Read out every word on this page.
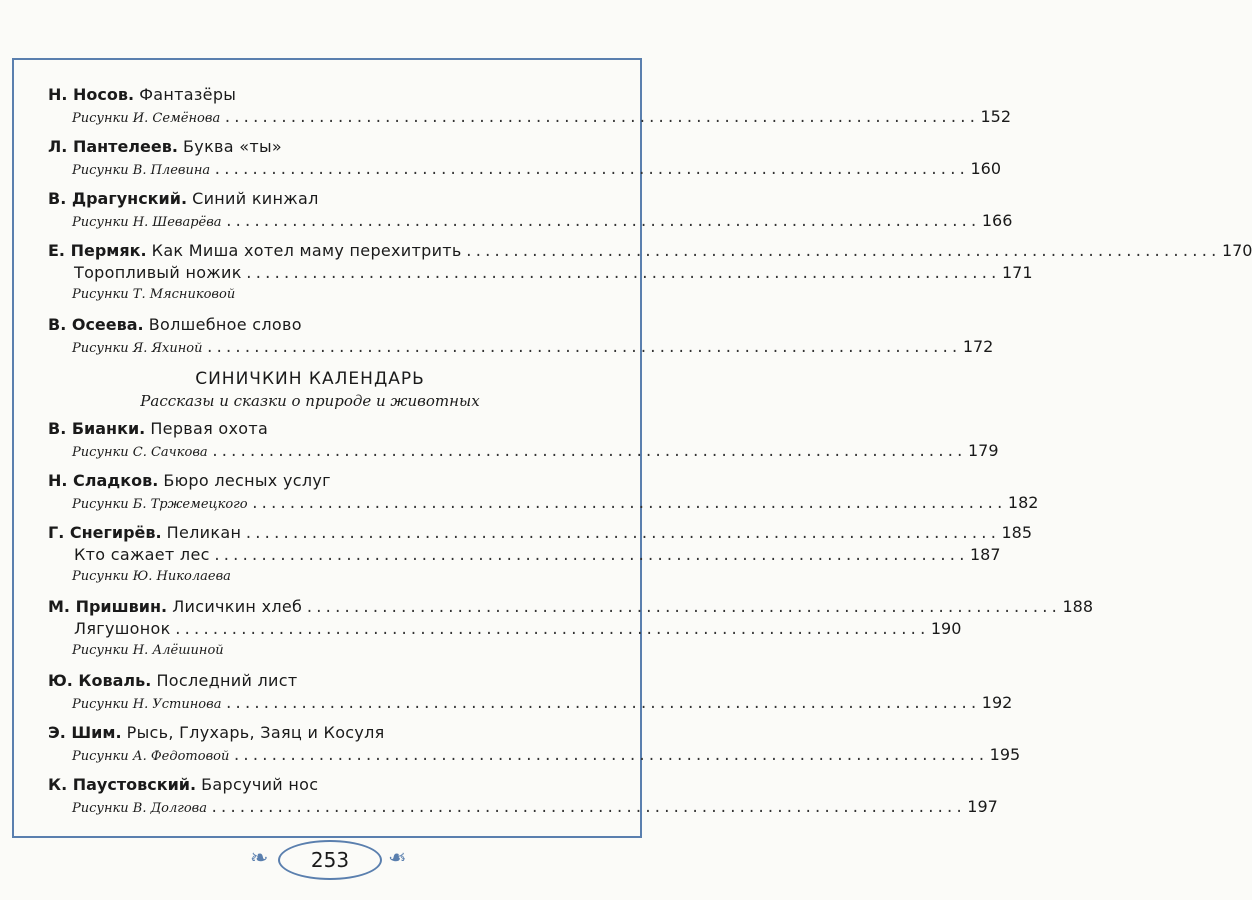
Н. Носов. Фантазёры
Рисунки И. Семёнова ................................................................................ 152
Л. Пантелеев. Буква «ты»
Рисунки В. Плевина ................................................................................ 160
В. Драгунский. Синий кинжал
Рисунки Н. Шеварёва ................................................................................ 166
Е. Пермяк. Как Миша хотел маму перехитрить ................................................................................ 170
Торопливый ножик ................................................................................ 171
Рисунки Т. Мясниковой
В. Осеева. Волшебное слово
Рисунки Я. Яхиной ................................................................................ 172
СИНИЧКИН КАЛЕНДАРЬ
Рассказы и сказки о природе и животных
В. Бианки. Первая охота
Рисунки С. Сачкова ................................................................................ 179
Н. Сладков. Бюро лесных услуг
Рисунки Б. Тржемецкого ................................................................................ 182
Г. Снегирёв. Пеликан ................................................................................ 185
Кто сажает лес ................................................................................ 187
Рисунки Ю. Николаева
М. Пришвин. Лисичкин хлеб ................................................................................ 188
Лягушонок ................................................................................ 190
Рисунки Н. Алёшиной
Ю. Коваль. Последний лист
Рисунки Н. Устинова ................................................................................ 192
Э. Шим. Рысь, Глухарь, Заяц и Косуля
Рисунки А. Федотовой ................................................................................ 195
К. Паустовский. Барсучий нос
Рисунки В. Долгова ................................................................................ 197
❧	253	❧
